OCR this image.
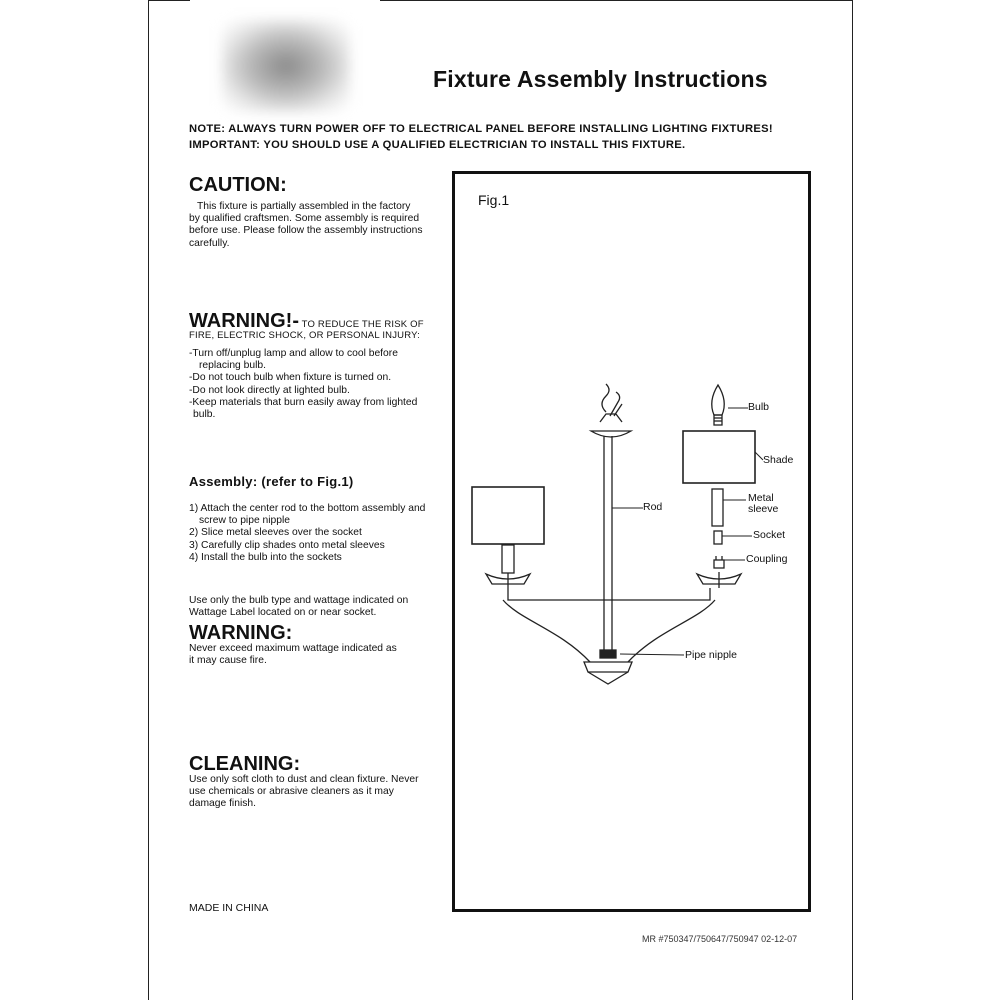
Fixture Assembly Instructions
NOTE: ALWAYS TURN POWER OFF TO ELECTRICAL PANEL BEFORE INSTALLING LIGHTING FIXTURES!
IMPORTANT: YOU SHOULD USE A QUALIFIED ELECTRICIAN TO INSTALL THIS FIXTURE.
CAUTION:

This fixture is partially assembled in the factory

by qualified craftsmen. Some assembly is required

before use. Please follow the assembly instructions

carefully.

WARNING!- TO REDUCE THE RISK OF
FIRE, ELECTRIC SHOCK, OR PERSONAL INJURY:

-Turn off/unplug lamp and allow to cool before

replacing bulb.

-Do not touch bulb when fixture is turned on.

-Do not look directly at lighted bulb.

-Keep materials that burn easily away from lighted

bulb.

Assembly: (refer to Fig.1)

1) Attach the center rod to the bottom assembly and

screw to pipe nipple

2) Slice metal sleeves over the socket

3) Carefully clip shades onto metal sleeves

4) Install the bulb into the sockets

Use only the bulb type and wattage indicated on

Wattage Label located on or near socket.

WARNING:

Never exceed maximum wattage indicated as

it may cause fire.

CLEANING:

Use only soft cloth to dust and clean fixture. Never

use chemicals or abrasive cleaners as it may

damage finish.

MADE IN CHINA
MR #750347/750647/750947 02-12-07
Fig.1
Bulb
Shade
Rod
Metal
sleeve
Socket
Coupling
Pipe nipple
